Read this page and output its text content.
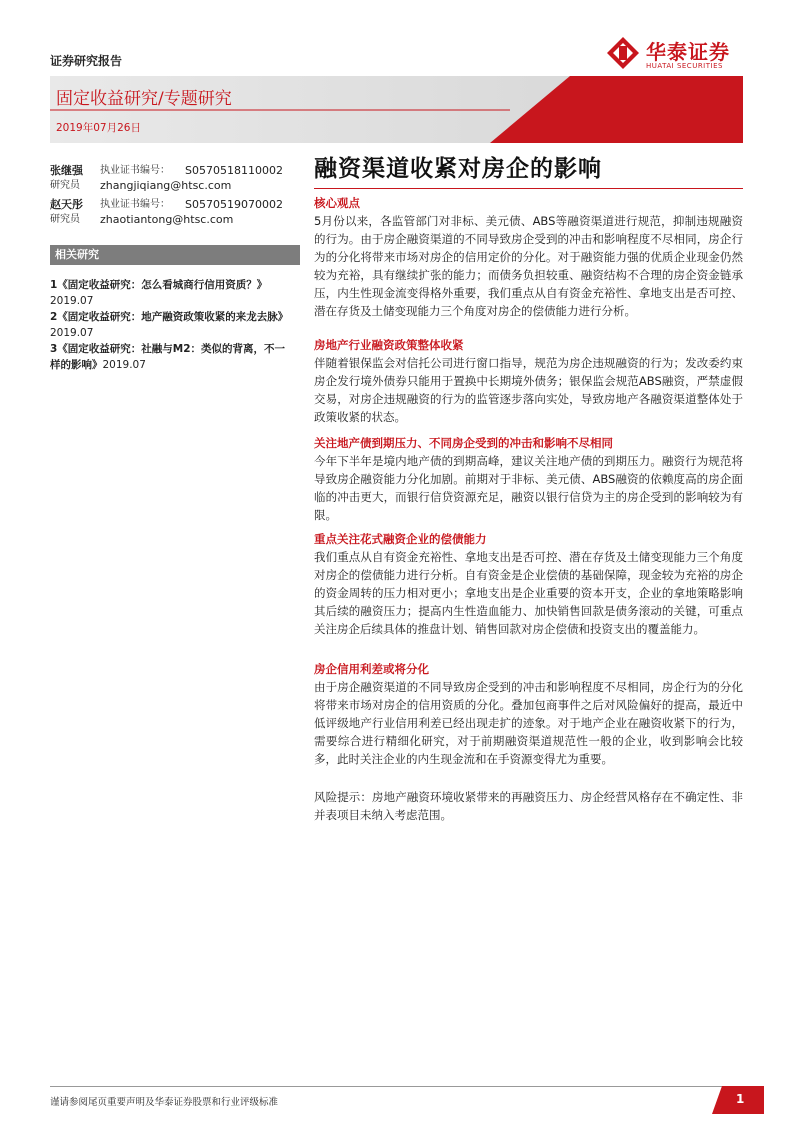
证券研究报告	华泰证券
HUATAI SECURITIES
固定收益研究/专题研究
2019年07月26日
张继强	执业证书编号：	S0570518110002
研究员	zhangjiqiang@htsc.com
赵天彤	执业证书编号：	S0570519070002
研究员	zhaotiantong@htsc.com
相关研究
1《固定收益研究：怎么看城商行信用资质？》2019.07
2《固定收益研究：地产融资政策收紧的来龙去脉》2019.07
3《固定收益研究：社融与M2：类似的背离，不一样的影响》2019.07
融资渠道收紧对房企的影响
核心观点
5月份以来，各监管部门对非标、美元债、ABS等融资渠道进行规范，抑制违规融资的行为。由于房企融资渠道的不同导致房企受到的冲击和影响程度不尽相同，房企行为的分化将带来市场对房企的信用定价的分化。对于融资能力强的优质企业现金仍然较为充裕，具有继续扩张的能力；而债务负担较重、融资结构不合理的房企资金链承压，内生性现金流变得格外重要，我们重点从自有资金充裕性、拿地支出是否可控、潜在存货及土储变现能力三个角度对房企的偿债能力进行分析。
房地产行业融资政策整体收紧
伴随着银保监会对信托公司进行窗口指导，规范为房企违规融资的行为；发改委约束房企发行境外债券只能用于置换中长期境外债务；银保监会规范ABS融资，严禁虚假交易，对房企违规融资的行为的监管逐步落向实处，导致房地产各融资渠道整体处于政策收紧的状态。
关注地产债到期压力、不同房企受到的冲击和影响不尽相同
今年下半年是境内地产债的到期高峰，建议关注地产债的到期压力。融资行为规范将导致房企融资能力分化加剧。前期对于非标、美元债、ABS融资的依赖度高的房企面临的冲击更大，而银行信贷资源充足，融资以银行信贷为主的房企受到的影响较为有限。
重点关注花式融资企业的偿债能力
我们重点从自有资金充裕性、拿地支出是否可控、潜在存货及土储变现能力三个角度对房企的偿债能力进行分析。自有资金是企业偿债的基础保障，现金较为充裕的房企的资金周转的压力相对更小；拿地支出是企业重要的资本开支，企业的拿地策略影响其后续的融资压力；提高内生性造血能力、加快销售回款是债务滚动的关键，可重点关注房企后续具体的推盘计划、销售回款对房企偿债和投资支出的覆盖能力。
房企信用利差或将分化
由于房企融资渠道的不同导致房企受到的冲击和影响程度不尽相同，房企行为的分化将带来市场对房企的信用资质的分化。叠加包商事件之后对风险偏好的提高，最近中低评级地产行业信用利差已经出现走扩的迹象。对于地产企业在融资收紧下的行为，需要综合进行精细化研究，对于前期融资渠道规范性一般的企业，收到影响会比较多，此时关注企业的内生现金流和在手资源变得尤为重要。
风险提示：房地产融资环境收紧带来的再融资压力、房企经营风格存在不确定性、非并表项目未纳入考虑范围。
谨请参阅尾页重要声明及华泰证券股票和行业评级标准	1
